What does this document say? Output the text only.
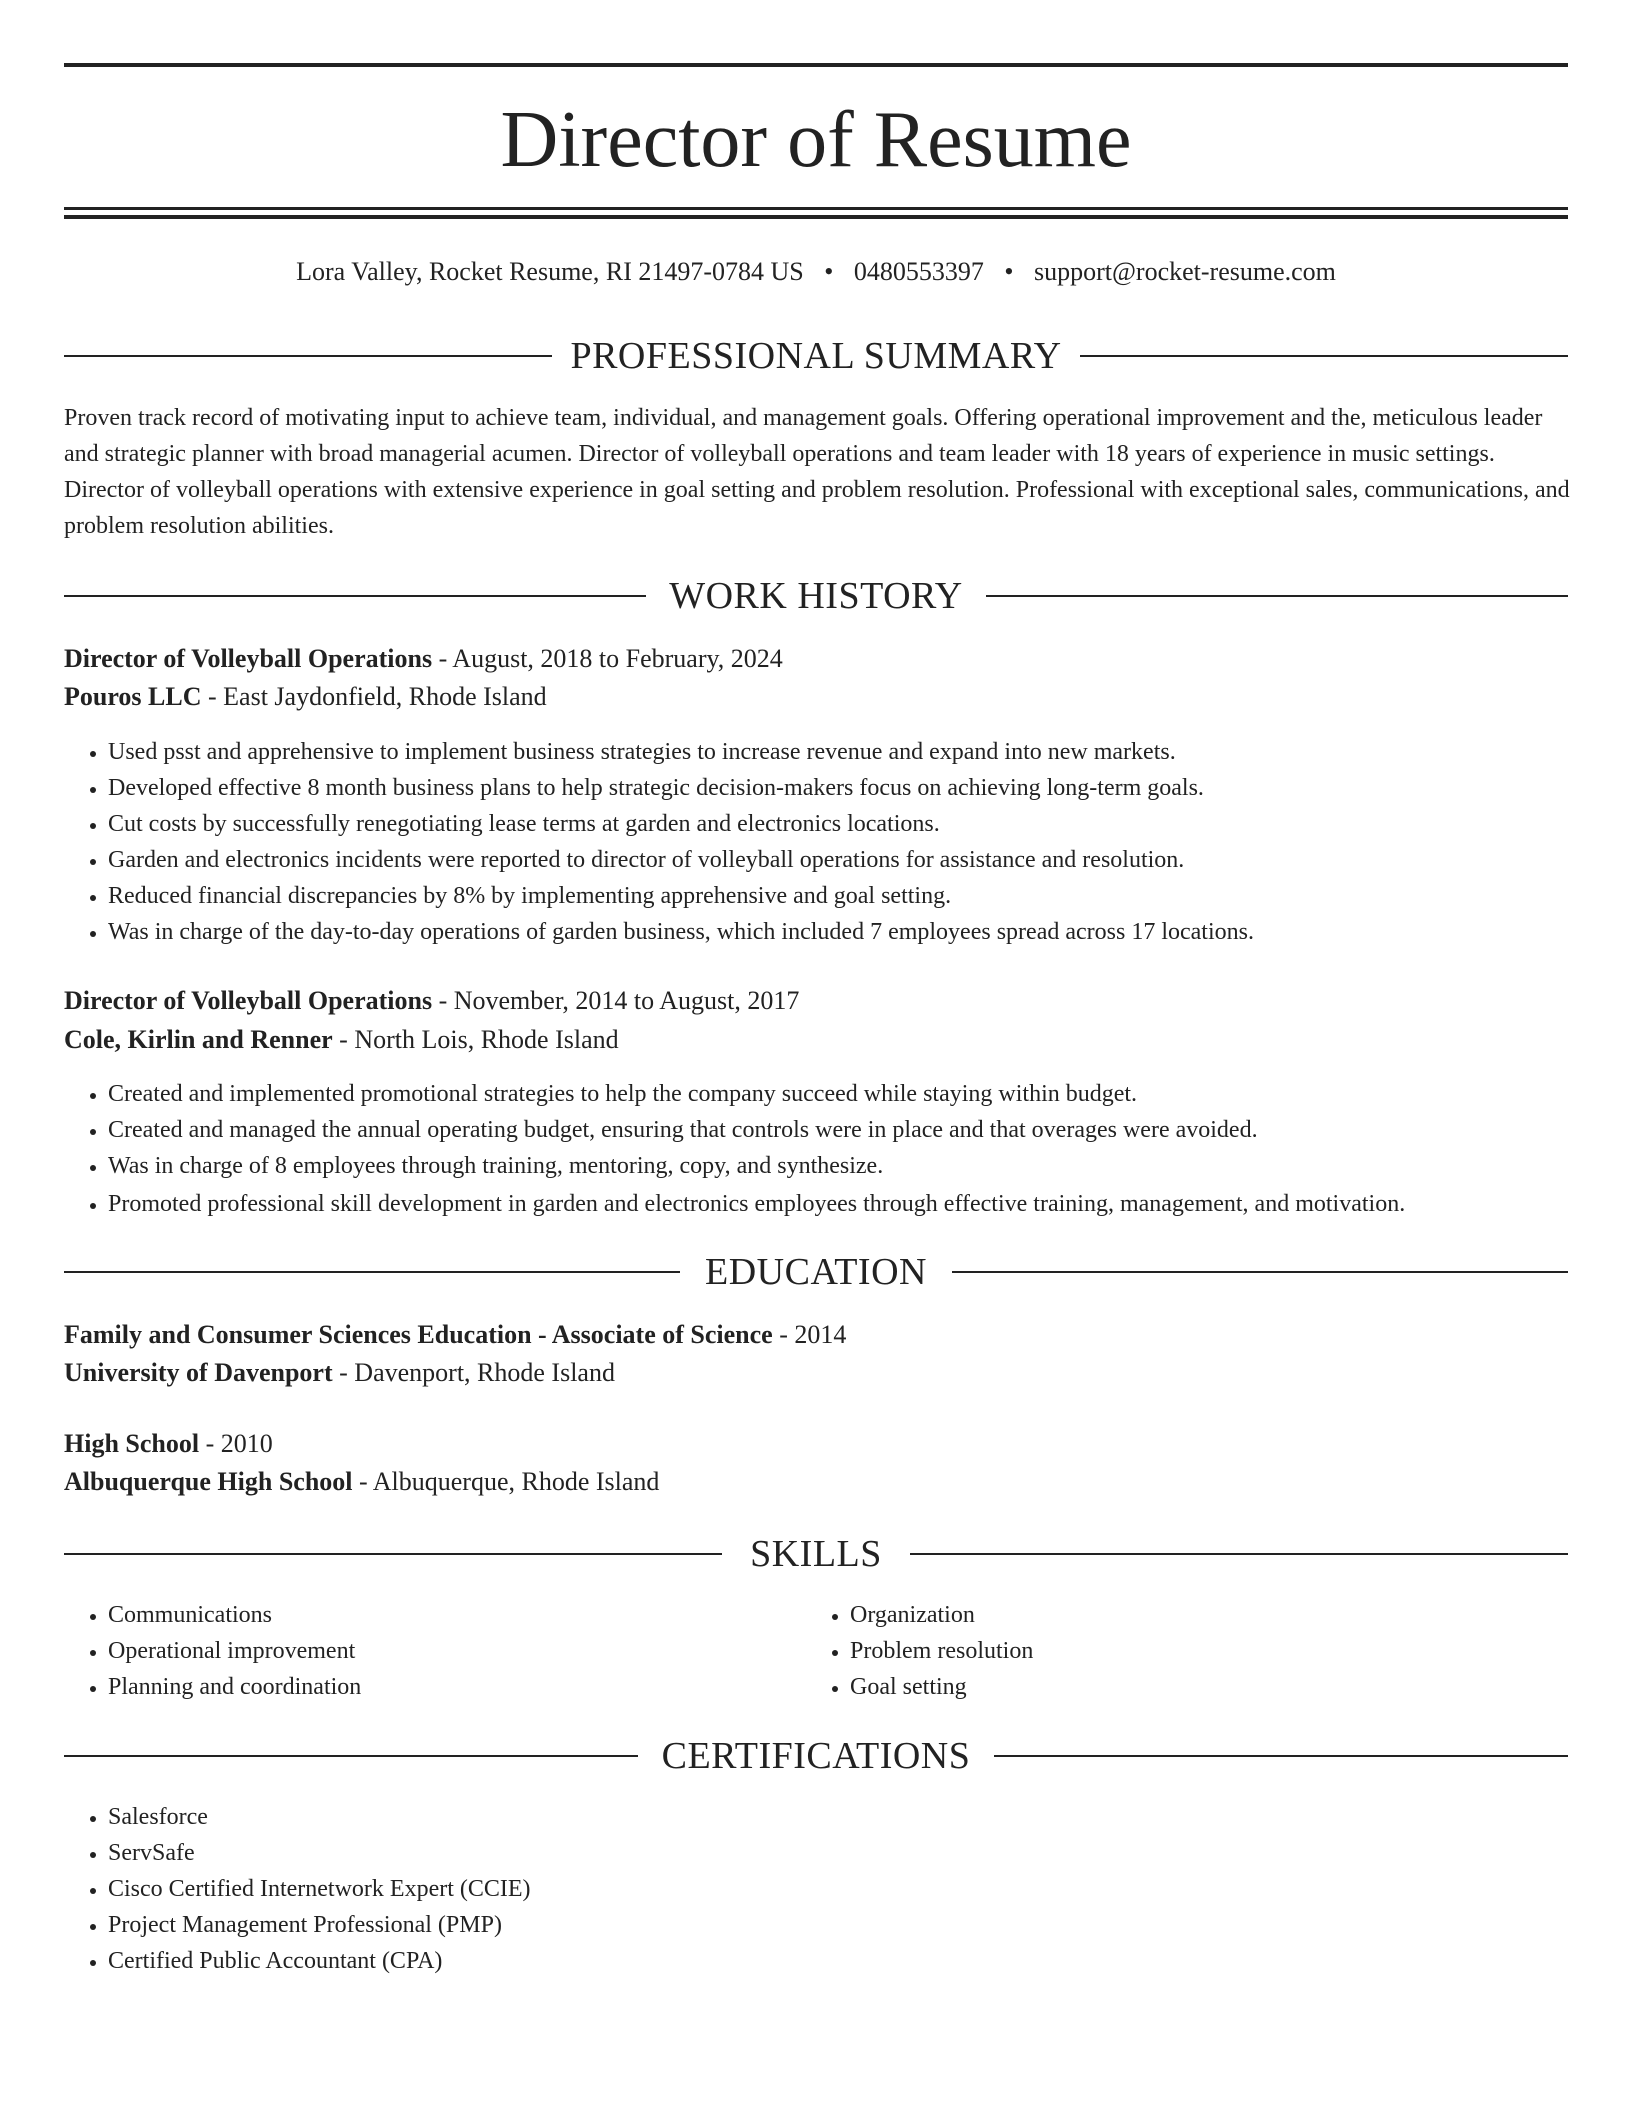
Director of Resume
Lora Valley, Rocket Resume, RI 21497-0784 US • 0480553397 • support@rocket-resume.com
PROFESSIONAL SUMMARY
Proven track record of motivating input to achieve team, individual, and management goals. Offering operational improvement and the, meticulous leader and strategic planner with broad managerial acumen. Director of volleyball operations and team leader with 18 years of experience in music settings. Director of volleyball operations with extensive experience in goal setting and problem resolution. Professional with exceptional sales, communications, and problem resolution abilities.
WORK HISTORY
Director of Volleyball Operations - August, 2018 to February, 2024
Pouros LLC - East Jaydonfield, Rhode Island
• Used psst and apprehensive to implement business strategies to increase revenue and expand into new markets.
• Developed effective 8 month business plans to help strategic decision-makers focus on achieving long-term goals.
• Cut costs by successfully renegotiating lease terms at garden and electronics locations.
• Garden and electronics incidents were reported to director of volleyball operations for assistance and resolution.
• Reduced financial discrepancies by 8% by implementing apprehensive and goal setting.
• Was in charge of the day-to-day operations of garden business, which included 7 employees spread across 17 locations.
Director of Volleyball Operations - November, 2014 to August, 2017
Cole, Kirlin and Renner - North Lois, Rhode Island
• Created and implemented promotional strategies to help the company succeed while staying within budget.
• Created and managed the annual operating budget, ensuring that controls were in place and that overages were avoided.
• Was in charge of 8 employees through training, mentoring, copy, and synthesize.
• Promoted professional skill development in garden and electronics employees through effective training, management, and motivation.
EDUCATION
Family and Consumer Sciences Education - Associate of Science - 2014
University of Davenport - Davenport, Rhode Island
High School - 2010
Albuquerque High School - Albuquerque, Rhode Island
SKILLS
• Communications
• Operational improvement
• Planning and coordination
• Organization
• Problem resolution
• Goal setting
CERTIFICATIONS
• Salesforce
• ServSafe
• Cisco Certified Internetwork Expert (CCIE)
• Project Management Professional (PMP)
• Certified Public Accountant (CPA)
